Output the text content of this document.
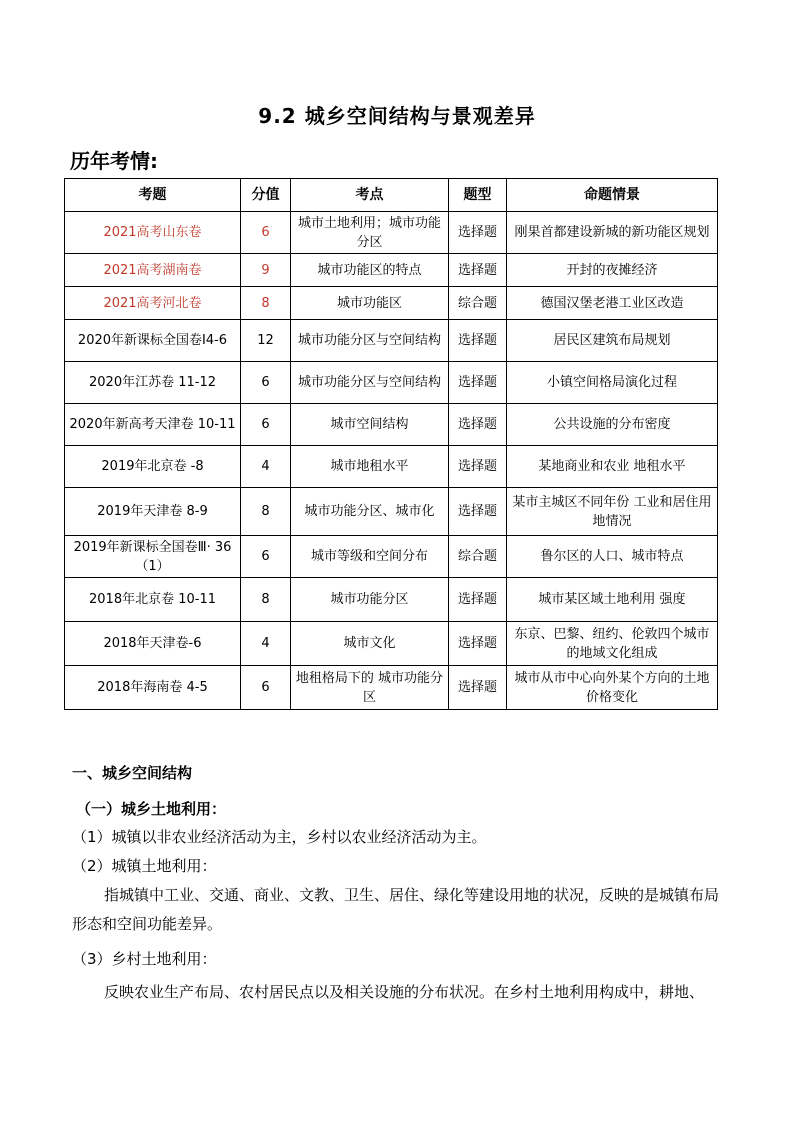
9.2 城乡空间结构与景观差异
历年考情:
考题	分值	考点	题型	命题情景
2021高考山东卷	6	城市土地利用；城市功能分区	选择题	刚果首都建设新城的新功能区规划
2021高考湖南卷	9	城市功能区的特点	选择题	开封的夜摊经济
2021高考河北卷	8	城市功能区	综合题	德国汉堡老港工业区改造
2020年新课标全国卷Ⅰ4-6	12	城市功能分区与空间结构	选择题	居民区建筑布局规划
2020年江苏卷 11-12	6	城市功能分区与空间结构	选择题	小镇空间格局演化过程
2020年新高考天津卷 10-11	6	城市空间结构	选择题	公共设施的分布密度
2019年北京卷 -8	4	城市地租水平	选择题	某地商业和农业 地租水平
2019年天津卷 8-9	8	城市功能分区、城市化	选择题	某市主城区不同年份 工业和居住用地情况
2019年新课标全国卷Ⅲ· 36（1）	6	城市等级和空间分布	综合题	鲁尔区的人口、城市特点
2018年北京卷 10-11	8	城市功能分区	选择题	城市某区域土地利用 强度
2018年天津卷-6	4	城市文化	选择题	东京、巴黎、纽约、伦敦四个城市的地域文化组成
2018年海南卷 4-5	6	地租格局下的 城市功能分区	选择题	城市从市中心向外某个方向的土地价格变化
一、城乡空间结构
（一）城乡土地利用：
（1）城镇以非农业经济活动为主，乡村以农业经济活动为主。
（2）城镇土地利用：
指城镇中工业、交通、商业、文教、卫生、居住、绿化等建设用地的状况，反映的是城镇布局形态和空间功能差异。
（3）乡村土地利用：
反映农业生产布局、农村居民点以及相关设施的分布状况。在乡村土地利用构成中，耕地、
